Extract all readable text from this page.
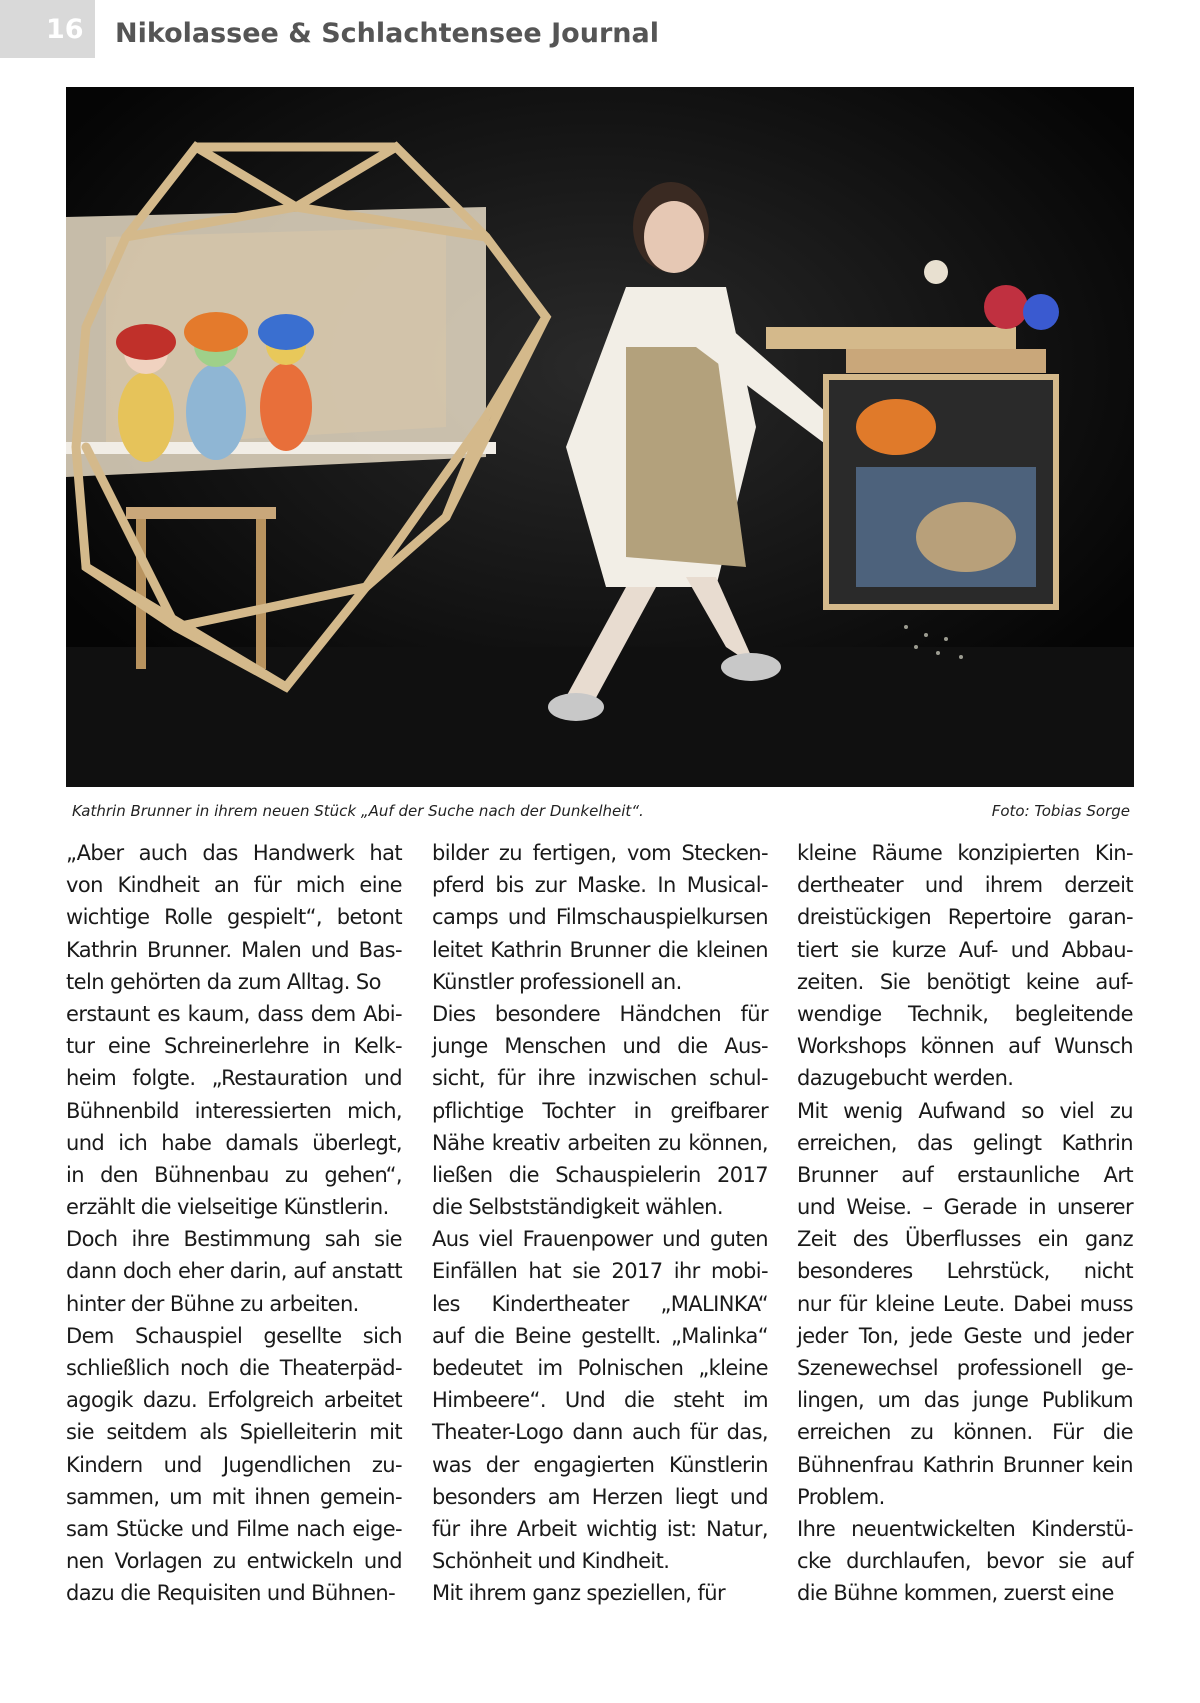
16 Nikolassee & Schlachtensee Journal
Kathrin Brunner in ihrem neuen Stück „Auf der Suche nach der Dunkelheit“.	Foto: Tobias Sorge
„Aber auch das Handwerk hat
von Kindheit an für mich eine
wichtige Rolle gespielt“, betont
Kathrin Brunner. Malen und Bas-
teln gehörten da zum Alltag. So
erstaunt es kaum, dass dem Abi-
tur eine Schreinerlehre in Kelk-
heim folgte. „Restauration und
Bühnenbild interessierten mich,
und ich habe damals überlegt,
in den Bühnenbau zu gehen“,
erzählt die vielseitige Künstlerin.
Doch ihre Bestimmung sah sie
dann doch eher darin, auf anstatt
hinter der Bühne zu arbeiten.
Dem Schauspiel gesellte sich
schließlich noch die Theaterpäd-
agogik dazu. Erfolgreich arbeitet
sie seitdem als Spielleiterin mit
Kindern und Jugendlichen zu-
sammen, um mit ihnen gemein-
sam Stücke und Filme nach eige-
nen Vorlagen zu entwickeln und
dazu die Requisiten und Bühnen-
bilder zu fertigen, vom Stecken-
pferd bis zur Maske. In Musical-
camps und Filmschauspielkursen
leitet Kathrin Brunner die kleinen
Künstler professionell an.
Dies besondere Händchen für
junge Menschen und die Aus-
sicht, für ihre inzwischen schul-
pflichtige Tochter in greifbarer
Nähe kreativ arbeiten zu können,
ließen die Schauspielerin 2017
die Selbstständigkeit wählen.
Aus viel Frauenpower und guten
Einfällen hat sie 2017 ihr mobi-
les Kindertheater „MALINKA“
auf die Beine gestellt. „Malinka“
bedeutet im Polnischen „kleine
Himbeere“. Und die steht im
Theater-Logo dann auch für das,
was der engagierten Künstlerin
besonders am Herzen liegt und
für ihre Arbeit wichtig ist: Natur,
Schönheit und Kindheit.
Mit ihrem ganz speziellen, für
kleine Räume konzipierten Kin-
dertheater und ihrem derzeit
dreistückigen Repertoire garan-
tiert sie kurze Auf- und Abbau-
zeiten. Sie benötigt keine auf-
wendige Technik, begleitende
Workshops können auf Wunsch
dazugebucht werden.
Mit wenig Aufwand so viel zu
erreichen, das gelingt Kathrin
Brunner auf erstaunliche Art
und Weise. – Gerade in unserer
Zeit des Überflusses ein ganz
besonderes Lehrstück, nicht
nur für kleine Leute. Dabei muss
jeder Ton, jede Geste und jeder
Szenewechsel professionell ge-
lingen, um das junge Publikum
erreichen zu können. Für die
Bühnenfrau Kathrin Brunner kein
Problem.
Ihre neuentwickelten Kinderstü-
cke durchlaufen, bevor sie auf
die Bühne kommen, zuerst eine
